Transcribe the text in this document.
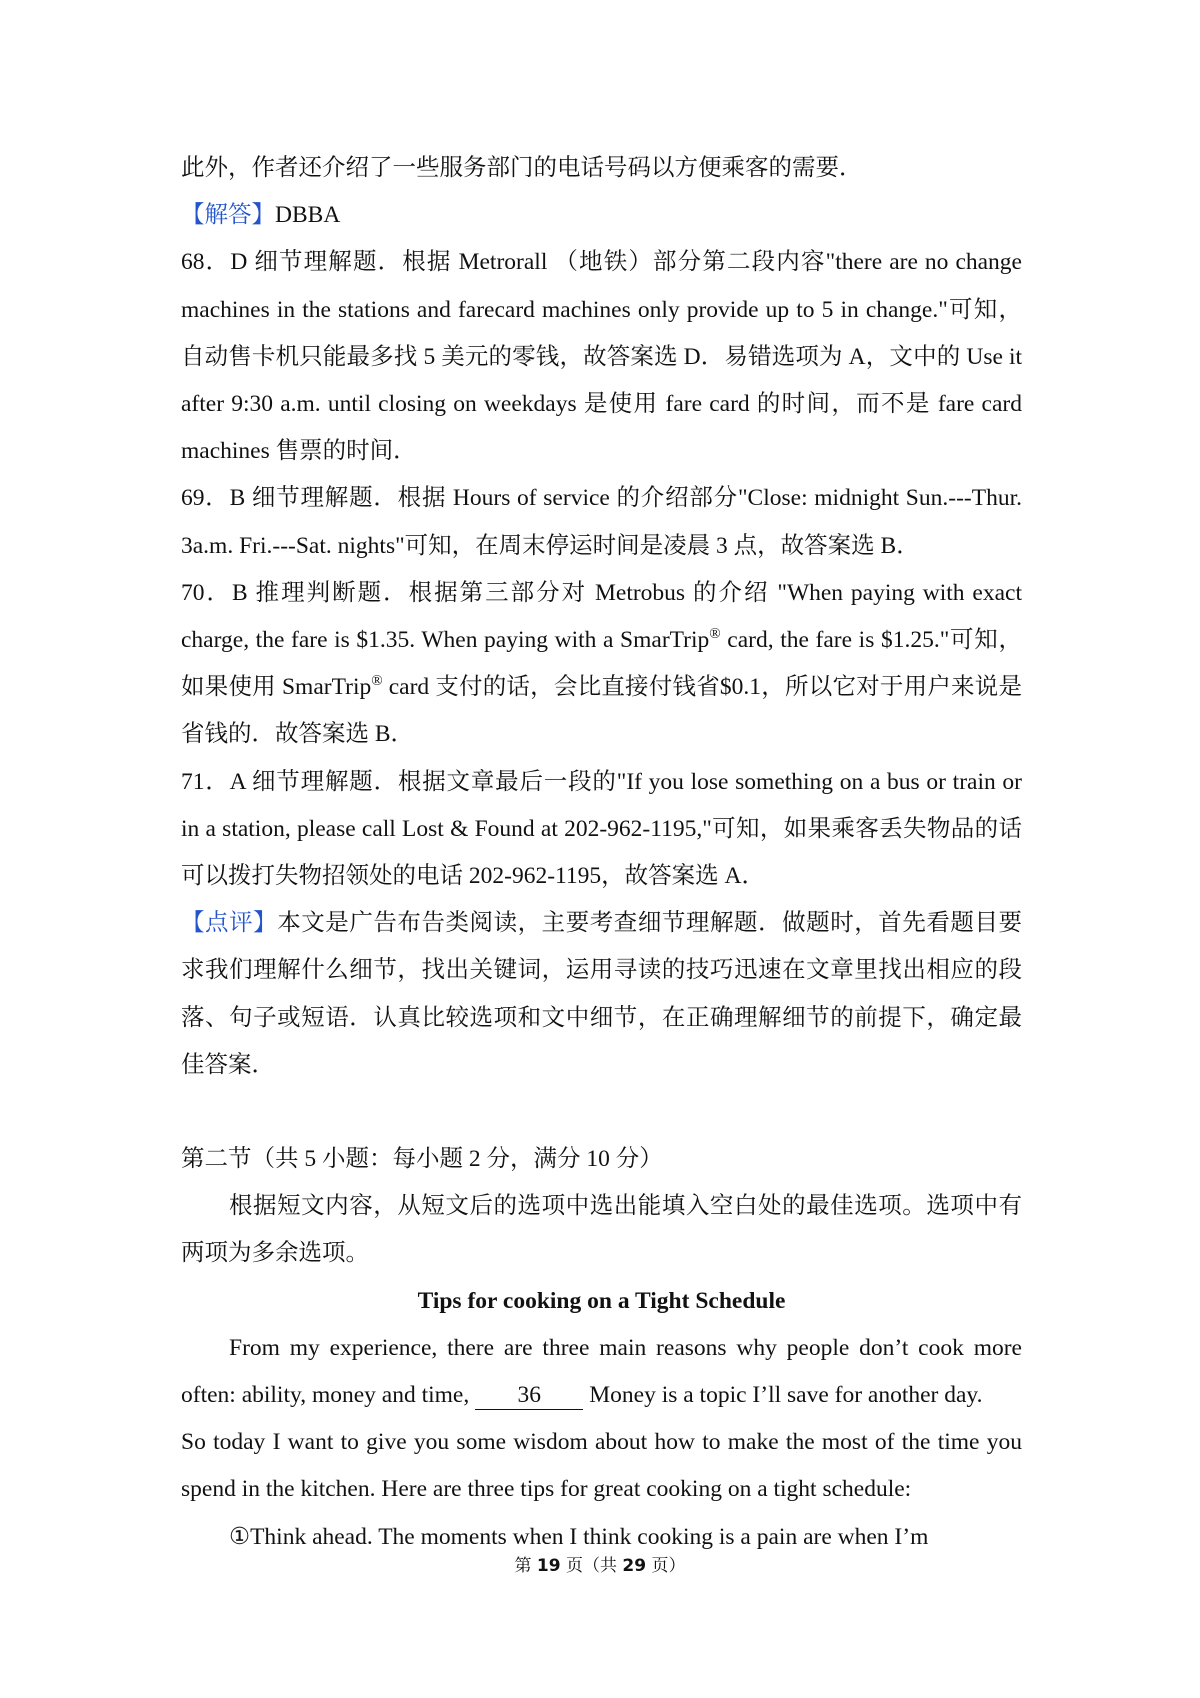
此外，作者还介绍了一些服务部门的电话号码以方便乘客的需要．

【解答】DBBA

68．D 细节理解题．根据 Metrorall （地铁）部分第二段内容"there are no change machines in the stations and farecard machines only provide up to 5 in change."可知，自动售卡机只能最多找 5 美元的零钱，故答案选 D．易错选项为 A，文中的 Use it after 9:30 a.m. until closing on weekdays 是使用 fare card 的时间，而不是 fare card machines 售票的时间．

69．B 细节理解题．根据 Hours of service 的介绍部分"Close: midnight Sun.---Thur. 3a.m. Fri.---Sat. nights"可知，在周末停运时间是凌晨 3 点，故答案选 B．

70．B 推理判断题．根据第三部分对 Metrobus 的介绍 "When paying with exact charge, the fare is $1.35. When paying with a SmarTrip® card, the fare is $1.25."可知，如果使用 SmarTrip® card 支付的话，会比直接付钱省$0.1，所以它对于用户来说是省钱的．故答案选 B．

71．A 细节理解题．根据文章最后一段的"If you lose something on a bus or train or in a station, please call Lost & Found at 202-962-1195,"可知，如果乘客丢失物品的话可以拨打失物招领处的电话 202-962-1195，故答案选 A．

【点评】本文是广告布告类阅读，主要考查细节理解题．做题时，首先看题目要求我们理解什么细节，找出关键词，运用寻读的技巧迅速在文章里找出相应的段落、句子或短语．认真比较选项和文中细节，在正确理解细节的前提下，确定最佳答案．

第二节（共 5 小题：每小题 2 分，满分 10 分）

根据短文内容，从短文后的选项中选出能填入空白处的最佳选项。选项中有两项为多余选项。

Tips for cooking on a Tight Schedule

From my experience, there are three main reasons why people don’t cook more often: ability, money and time, 36 Money is a topic I’ll save for another day.

So today I want to give you some wisdom about how to make the most of the time you spend in the kitchen. Here are three tips for great cooking on a tight schedule:

①Think ahead. The moments when I think cooking is a pain are when I’m

第 19 页（共 29 页）
